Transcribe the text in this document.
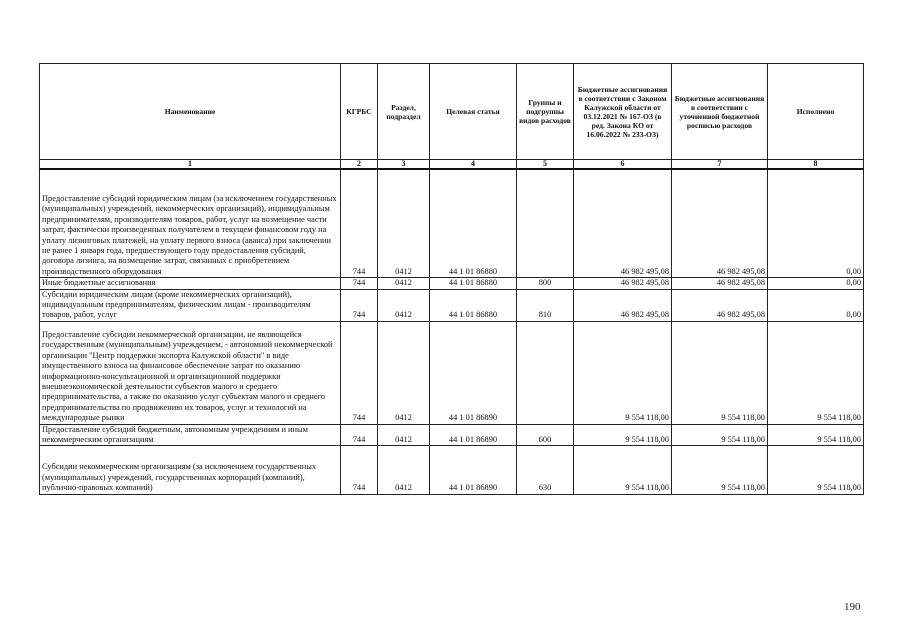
Наименование	КГРБС	Раздел, подраздел	Целевая статья	Группы и подгруппы видов расходов	Бюджетные ассигнования в соответствии с Законом Калужской области от 03.12.2021 № 167-ОЗ (в ред. Закона КО от 16.06.2022 № 233-ОЗ)	Бюджетные ассигнования в соответствии с уточненной бюджетной росписью расходов	Исполнено
1	2	3	4	5	6	7	8

Предоставление субсидий юридическим лицам (за исключением государственных (муниципальных) учреждений, некоммерческих организаций), индивидуальным предпринимателям, производителям товаров, работ, услуг на возмещение части затрат, фактически произведенных получателем в текущем финансовом году на уплату лизинговых платежей, на уплату первого взноса (аванса) при заключении не ранее 1 января года, предшествующего году предоставления субсидий, договора лизинга, на возмещение затрат, связанных с приобретением производственного оборудования	744	0412	44 1 01 86880		46 982 495,08	46 982 495,08	0,00
Иные бюджетные ассигнования	744	0412	44 1 01 86880	800	46 982 495,08	46 982 495,08	0,00
Субсидии юридическим лицам (кроме некоммерческих организаций), индивидуальным предпринимателям, физическим лицам - производителям товаров, работ, услуг	744	0412	44 1 01 86880	810	46 982 495,08	46 982 495,08	0,00

Предоставление субсидии некоммерческой организации, не являющейся государственным (муниципальным) учреждением, - автономной некоммерческой организации "Центр поддержки экспорта Калужской области" в виде имущественного взноса на финансовое обеспечение затрат по оказанию информационно-консультационной и организационной поддержки внешнеэкономической деятельности субъектов малого и среднего предпринимательства, а также по оказанию услуг субъектам малого и среднего предпринимательства по продвижению их товаров, услуг и технологий на международные рынки	744	0412	44 1 01 86890		9 554 118,00	9 554 118,00	9 554 118,00
Предоставление субсидий бюджетным, автономным учреждениям и иным некоммерческим организациям	744	0412	44 1 01 86890	600	9 554 118,00	9 554 118,00	9 554 118,00

Субсидии некоммерческим организациям (за исключением государственных (муниципальных) учреждений, государственных корпораций (компаний), публично-правовых компаний)	744	0412	44 1 01 86890	630	9 554 118,00	9 554 118,00	9 554 118,00
190
